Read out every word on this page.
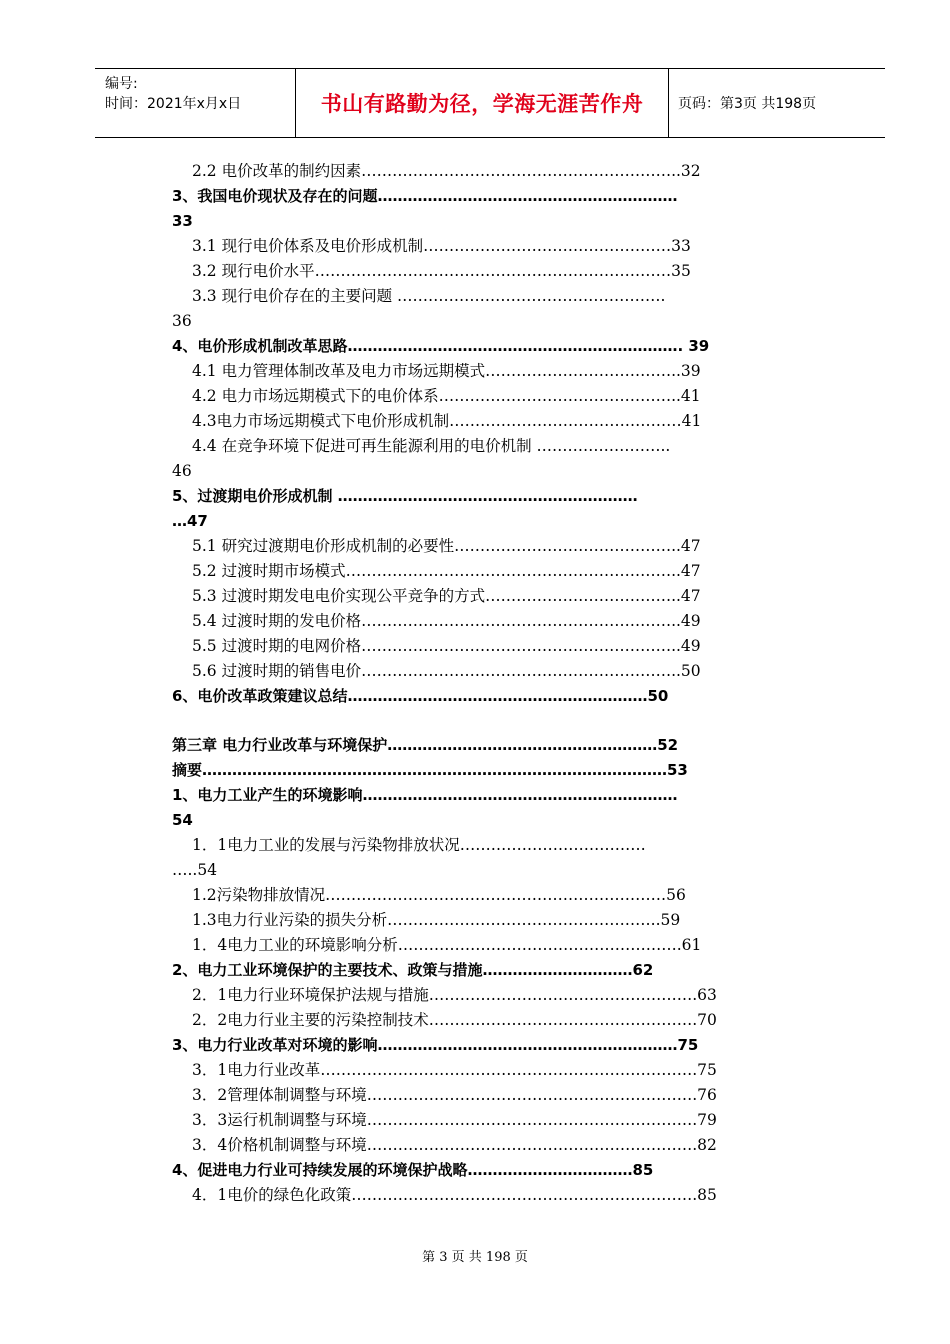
编号:
时间：2021年x月x日	书山有路勤为径，学海无涯苦作舟	页码：第3页 共198页
2.2 电价改革的制约因素……………………………………………………..32
3、我国电价现状及存在的问题……………………………………………………
33
3.1 现行电价体系及电价形成机制…………………………………………33
3.2 现行电价水平……………………………………………………………35
3.3 现行电价存在的主要问题 …………………………………………….
36
4、电价形成机制改革思路…………………………………………………………. 39
4.1 电力管理体制改革及电力市场远期模式………………………………..39
4.2 电力市场远期模式下的电价体系………………………………………..41
4.3电力市场远期模式下电价形成机制………………………………………41
4.4 在竞争环境下促进可再生能源利用的电价机制 ……………………..
46
5、过渡期电价形成机制 ……………………………………………………
…47
5.1 研究过渡期电价形成机制的必要性……………………………………..47
5.2 过渡时期市场模式………………………………………………………..47
5.3 过渡时期发电电价实现公平竞争的方式………………………………..47
5.4 过渡时期的发电价格……………………………………………………..49
5.5 过渡时期的电网价格……………………………………………………..49
5.6 过渡时期的销售电价……………………………………………………..50
6、电价改革政策建议总结……………………………………………………50
第三章 电力行业改革与环境保护………………………………………………52
摘要…………………………………………………………………………………53
1、电力工业产生的环境影响………………………………………………………
54
1．1电力工业的发展与污染物排放状况………………………………
…..54
1.2污染物排放情况…………………………………………………………56
1.3电力行业污染的损失分析……………………………………………..59
1．4电力工业的环境影响分析……………………………………………….61
2、电力工业环境保护的主要技术、政策与措施…………………………62
2．1电力行业环境保护法规与措施…………………………………………….63
2．2电力行业主要的污染控制技术…………………………………………….70
3、电力行业改革对环境的影响……………………………………………………75
3．1电力行业改革……………………………………………………………….75
3．2管理体制调整与环境……………………………………………………….76
3．3运行机制调整与环境……………………………………………………….79
3．4价格机制调整与环境……………………………………………………….82
4、促进电力行业可持续发展的环境保护战略……………………………85
4．1电价的绿色化政策………………………………………………………….85
第 3 页 共 198 页
